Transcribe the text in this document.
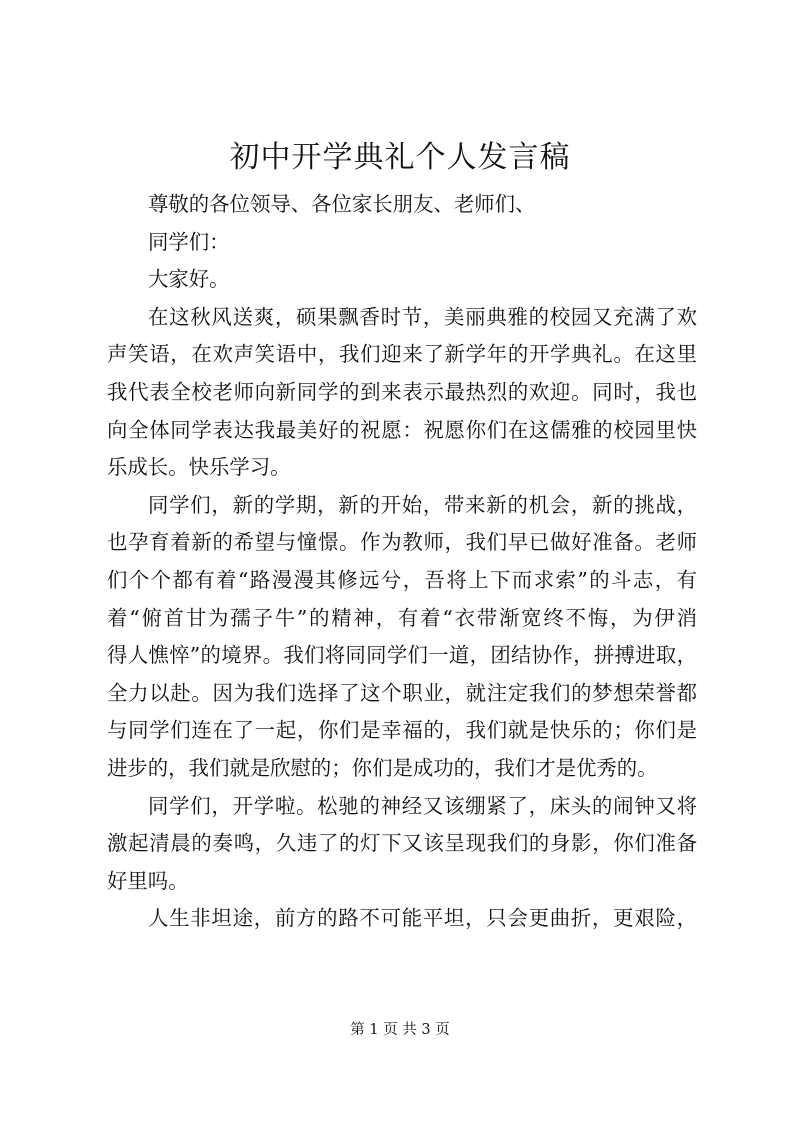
初中开学典礼个人发言稿
尊敬的各位领导、各位家长朋友、老师们、
同学们：
大家好。
在这秋风送爽，硕果飘香时节，美丽典雅的校园又充满了欢
声笑语，在欢声笑语中，我们迎来了新学年的开学典礼。在这里
我代表全校老师向新同学的到来表示最热烈的欢迎。同时，我也
向全体同学表达我最美好的祝愿：祝愿你们在这儒雅的校园里快
乐成长。快乐学习。
同学们，新的学期，新的开始，带来新的机会，新的挑战，
也孕育着新的希望与憧憬。作为教师，我们早已做好准备。老师
们个个都有着“路漫漫其修远兮，吾将上下而求索”的斗志，有
着“俯首甘为孺子牛”的精神，有着“衣带渐宽终不悔，为伊消
得人憔悴”的境界。我们将同同学们一道，团结协作，拼搏进取，
全力以赴。因为我们选择了这个职业，就注定我们的梦想荣誉都
与同学们连在了一起，你们是幸福的，我们就是快乐的；你们是
进步的，我们就是欣慰的；你们是成功的，我们才是优秀的。
同学们，开学啦。松驰的神经又该绷紧了，床头的闹钟又将
激起清晨的奏鸣，久违了的灯下又该呈现我们的身影，你们准备
好里吗。
人生非坦途，前方的路不可能平坦，只会更曲折，更艰险，
第 1 页 共 3 页
